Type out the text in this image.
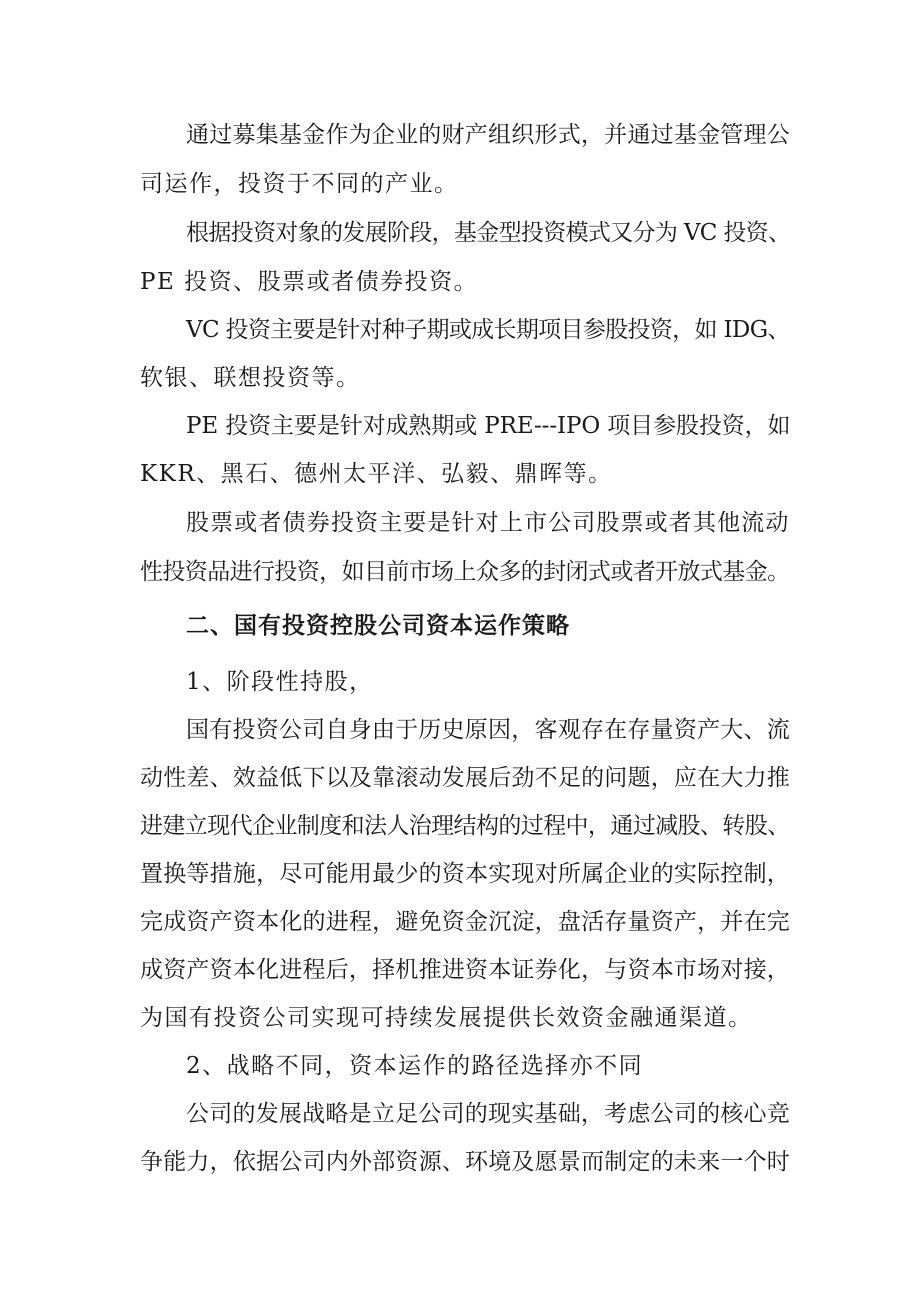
通过募集基金作为企业的财产组织形式，并通过基金管理公
司运作，投资于不同的产业。
根据投资对象的发展阶段，基金型投资模式又分为 VC 投资、
PE 投资、股票或者债券投资。
VC 投资主要是针对种子期或成长期项目参股投资，如 IDG、
软银、联想投资等。
PE 投资主要是针对成熟期或 PRE---IPO 项目参股投资，如
KKR、黑石、德州太平洋、弘毅、鼎晖等。
股票或者债券投资主要是针对上市公司股票或者其他流动
性投资品进行投资，如目前市场上众多的封闭式或者开放式基金。
二、国有投资控股公司资本运作策略
1、阶段性持股，
国有投资公司自身由于历史原因，客观存在存量资产大、流
动性差、效益低下以及靠滚动发展后劲不足的问题，应在大力推
进建立现代企业制度和法人治理结构的过程中，通过减股、转股、
置换等措施，尽可能用最少的资本实现对所属企业的实际控制，
完成资产资本化的进程，避免资金沉淀，盘活存量资产，并在完
成资产资本化进程后，择机推进资本证券化，与资本市场对接，
为国有投资公司实现可持续发展提供长效资金融通渠道。
2、战略不同，资本运作的路径选择亦不同
公司的发展战略是立足公司的现实基础，考虑公司的核心竞
争能力，依据公司内外部资源、环境及愿景而制定的未来一个时
